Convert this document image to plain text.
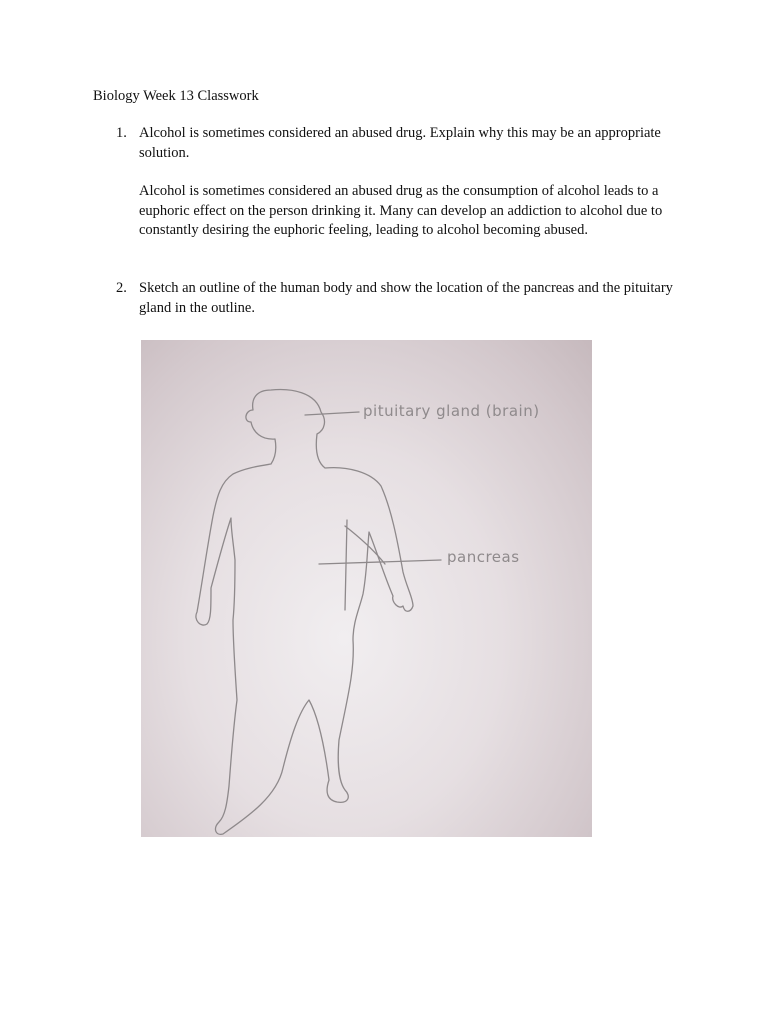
Biology Week 13 Classwork
1. Alcohol is sometimes considered an abused drug. Explain why this may be an appropriate solution.

Alcohol is sometimes considered an abused drug as the consumption of alcohol leads to a euphoric effect on the person drinking it. Many can develop an addiction to alcohol due to constantly desiring the euphoric feeling, leading to alcohol becoming abused.

2. Sketch an outline of the human body and show the location of the pancreas and the pituitary gland in the outline.

pituitary gland (brain)
pancreas
